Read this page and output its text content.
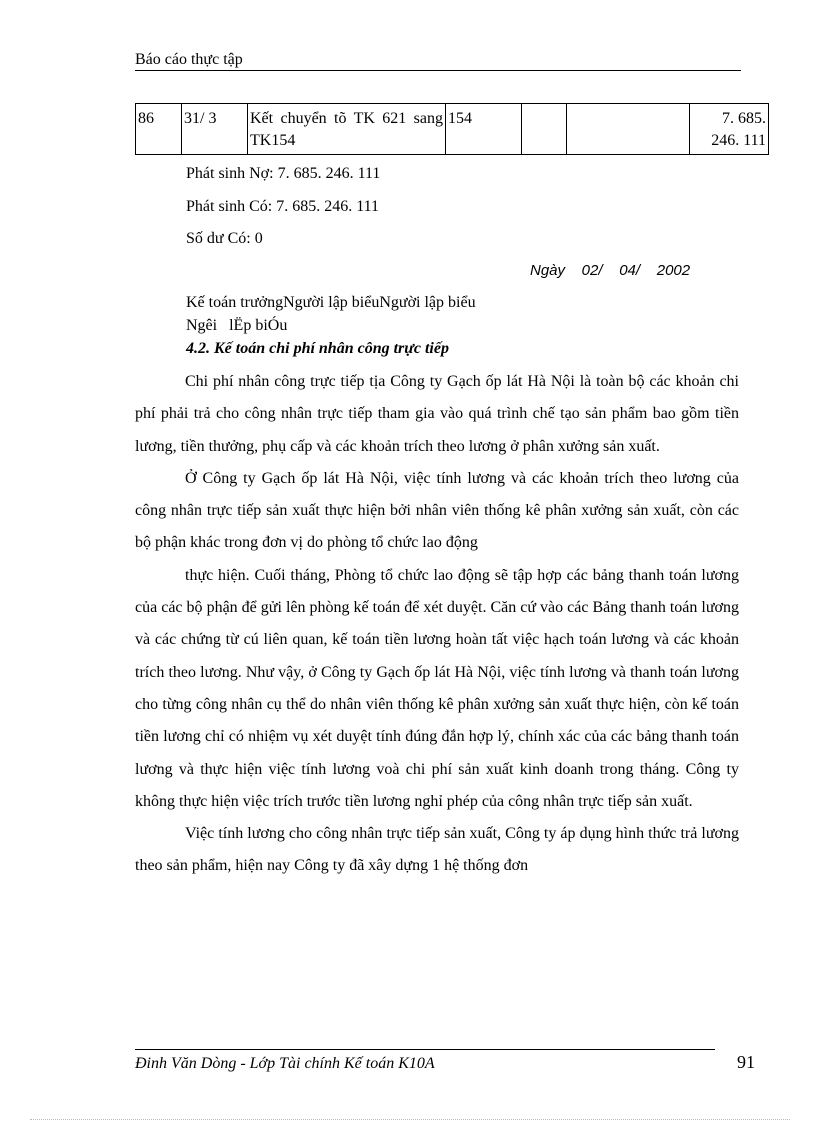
Báo cáo thực tập
86	31/ 3	Kết chuyển tõ TK 621 sang TK154	154			7. 685. 246. 111
Phát sinh Nợ: 7. 685. 246. 111
Phát sinh Có: 7. 685. 246. 111
Số dư Có: 0
Ngày    02/    04/    2002
Kế toán trưởngNgười lập biểuNgười lập biểu
Ngêi   lËp biÓu
4.2. Kế toán chi phí nhân công trực tiếp

Chi phí nhân công trực tiếp tịa Công ty Gạch ốp lát Hà Nội là toàn bộ các khoản chi phí phải trả cho công nhân trực tiếp tham gia vào quá trình chế tạo sản phẩm bao gồm tiền lương, tiền thưởng, phụ cấp và các khoản trích theo lương ở phân xưởng sản xuất.

Ở Công ty Gạch ốp lát Hà Nội, việc tính lương và các khoản trích theo lương của công nhân trực tiếp sản xuất thực hiện bởi nhân viên thống kê phân xưởng sản xuất, còn các bộ phận khác trong đơn vị do phòng tổ chức lao động

thực hiện. Cuối tháng, Phòng tổ chức lao động sẽ tập hợp các bảng thanh toán lương của các bộ phận để gửi lên phòng kế toán để xét duyệt. Căn cứ vào các Bảng thanh toán lương và các chứng từ cú liên quan, kế toán tiền lương hoàn tất việc hạch toán lương và các khoản trích theo lương. Như vậy, ở Công ty Gạch ốp lát Hà Nội, việc tính lương và thanh toán lương cho từng công nhân cụ thể do nhân viên thống kê phân xưởng sản xuất thực hiện, còn kế toán tiền lương chỉ có nhiệm vụ xét duyệt tính đúng đắn hợp lý, chính xác của các bảng thanh toán lương và thực hiện việc tính lương voà chi phí sản xuất kinh doanh trong tháng. Công ty không thực hiện việc trích trước tiền lương nghỉ phép của công nhân trực tiếp sản xuất.

Việc tính lương cho công nhân trực tiếp sản xuất, Công ty áp dụng hình thức trả lương theo sản phẩm, hiện nay Công ty đã xây dựng 1 hệ thống đơn

Đinh Văn Dòng - Lớp Tài chính Kế toán K10A	91
